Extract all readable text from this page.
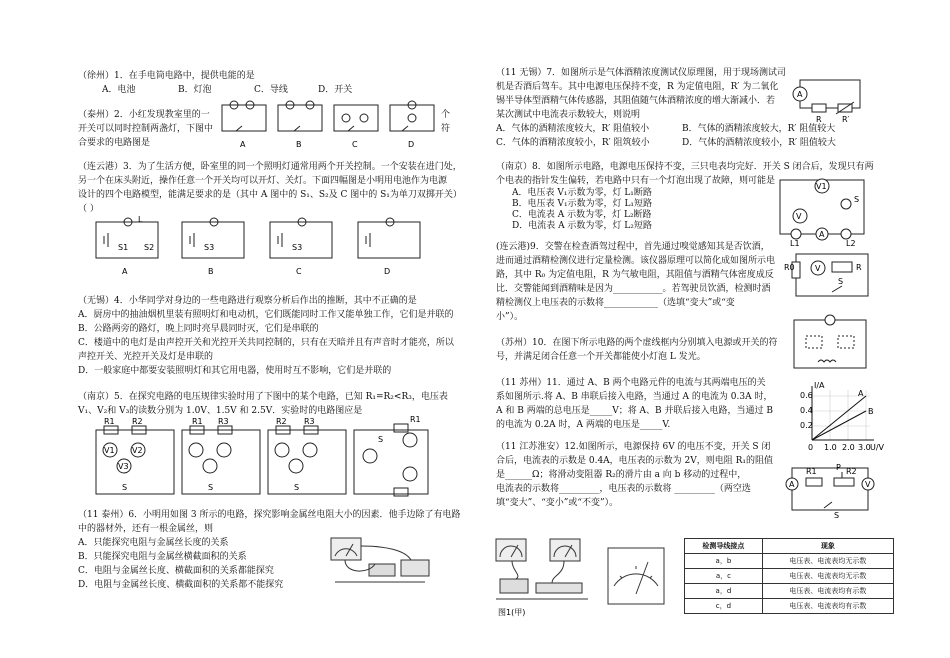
（徐州）1．在手电筒电路中，提供电能的是

A．电池	B．灯泡	C．导线	D．开关

（泰州）2．小红发现教室里的一

开关可以同时控制两盏灯，下图中

合要求的电路图是

个
符
A	B	C	D

（连云港）3．为了生活方便，卧室里的同一个照明灯通常用两个开关控制。一个安装在进门处，

另一个在床头附近，操作任意一个开关均可以开灯、关灯。下面四幅图是小明用电池作为电源

设计的四个电路模型，能满足要求的是（其中 A 图中的 S₁、S₂及 C 图中的 S₁为单刀双掷开关）

（ ）

S1 S2
L
S3	S3
A	B	C	D

（无锡）4．小华同学对身边的一些电路进行观察分析后作出的推断，其中不正确的是

A．厨房中的抽油烟机里装有照明灯和电动机，它们既能同时工作又能单独工作，它们是并联的

B．公路两旁的路灯，晚上同时亮早晨同时灭，它们是串联的

C．楼道中的电灯是由声控开关和光控开关共同控制的，只有在天暗并且有声音时才能亮，所以

声控开关、光控开关及灯是串联的

D．一般家庭中都要安装照明灯和其它用电器，使用时互不影响，它们是并联的

（南京）5．在探究电路的电压规律实验时用了下图中的某个电路，已知 R₁=R₂<R₃，电压表

V₁、V₂和 V₃的读数分别为 1.0V、1.5V 和 2.5V．实验时的电路图应是

R1 R2
V1 V2
V3
R1 R3	R2 R3	R1
S
S	S	S

（11 泰州）6．小明用如图 3 所示的电路，探究影响金属丝电阻大小的因素．他手边除了有电路

中的器材外，还有一根金属丝，则

A．只能探究电阻与金属丝长度的关系

B．只能探究电阻与金属丝横截面积的关系

C．电阻与金属丝长度、横截面积的关系都能探究

D．电阻与金属丝长度、横截面积的关系都不能探究

（11 无锡）7．如图所示是气体酒精浓度测试仪原理图，用于现场测试司

机是否酒后驾车。其中电源电压保持不变，R 为定值电阻，R′ 为二氧化

锡半导体型酒精气体传感器，其阻值随气体酒精浓度的增大渐减小．若

某次测试中电流表示数较大，则说明

A．气体的酒精浓度较大，R′ 阻值较小	B．气体的酒精浓度较大，R′ 阻值较大

C．气体的酒精浓度较小，R′ 阻筑较小	D．气体的酒精浓度较小，R′ 阻值较大

A
R	R′

（南京）8．如图所示电路，电源电压保持不变，三只电表均完好．开关 S 闭合后，发现只有两

个电表的指针发生偏转，若电路中只有一个灯泡出现了故障，则可能是

A．电压表 V₁示数为零，灯 L₁断路

B．电压表 V₁示数为零，灯 L₁短路

C．电流表 A 示数为零，灯 L₂断路

D．电流表 A 示数为零，灯 L₂短路

V1
V
S
A
L1	L2

(连云港)9．交警在检查酒驾过程中，首先通过嗅觉感知其是否饮酒，

进而通过酒精检测仪进行定量检测。该仪器原理可以简化成如图所示电

路，其中 R₀ 为定值电阻，R 为气敏电阻，其阻值与酒精气体密度成反

比．交警能闻到酒精味是因为___________。若驾驶员饮酒，检测时酒

精检测仪上电压表的示数将____________（选填“变大”或“变

小”）。

R0	V	R
S

（苏州）10．在图下所示电路的两个虚线框内分别填入电源或开关的符

号，并满足闭合任意一个开关都能使小灯泡 L 发光。

（11 苏州）11．通过 A、B 两个电路元件的电流与其两端电压的关

系如图所示.将 A、B 串联后接入电路，当通过 A 的电流为 0.3A 时，

A 和 B 两端的总电压是_____V；将 A、B 并联后接入电路，当通过 B

的电流为 0.2A 时，A 两端的电压是_____V.

I/A
U/V
0.6
0.4
0.2
0 1.0 2.0 3.0
A
B

（11 江苏淮安）12.如图所示，电源保持 6V 的电压不变，开关 S 闭

合后，电流表的示数是 0.4A，电压表的示数为 2V，则电阻 R₁的阻值

是______Ω；将滑动变阻器 R₂的滑片由 a 向 b 移动的过程中，

电流表的示数将_________，电压表的示数将 _________（两空选

填“变大”、“变小”或“不变”）。

A	V
R1	R2
P
S
图1(甲)
检测导线接点	现象
a，b	电压表、电流表均无示数
a，c	电压表、电流表均无示数
a，d	电压表、电流表均有示数
c，d	电压表、电流表均有示数
